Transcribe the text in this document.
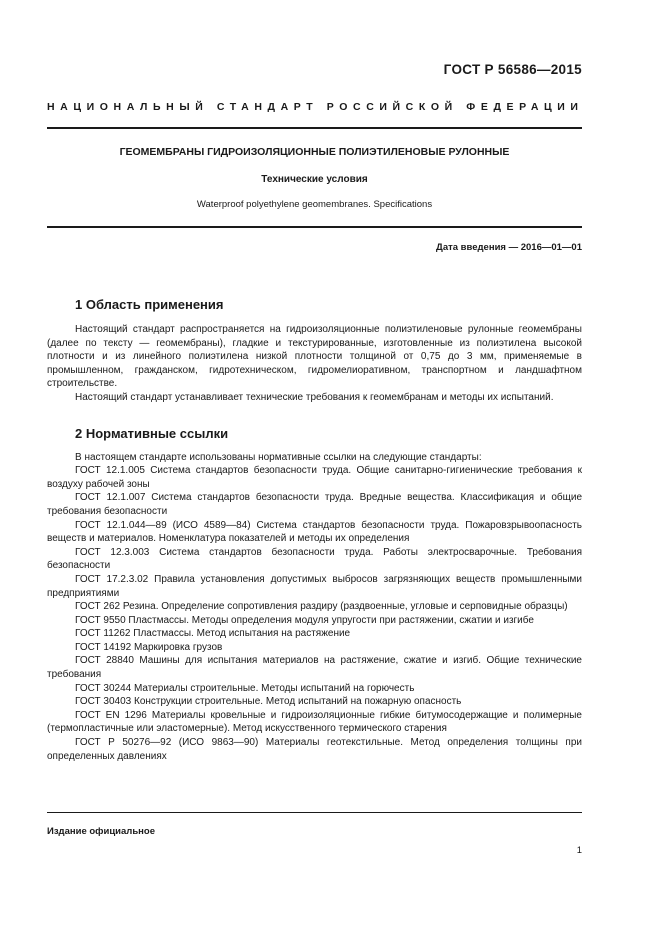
ГОСТ Р 56586—2015
НАЦИОНАЛЬНЫЙ СТАНДАРТ РОССИЙСКОЙ ФЕДЕРАЦИИ
ГЕОМЕМБРАНЫ ГИДРОИЗОЛЯЦИОННЫЕ ПОЛИЭТИЛЕНОВЫЕ РУЛОННЫЕ
Технические условия
Waterproof polyethylene geomembranes. Specifications
Дата введения — 2016—01—01
1 Область применения

Настоящий стандарт распространяется на гидроизоляционные полиэтиленовые рулонные геомембраны (далее по тексту — геомембраны), гладкие и текстурированные, изготовленные из полиэтилена высокой плотности и из линейного полиэтилена низкой плотности толщиной от 0,75 до 3 мм, применяемые в промышленном, гражданском, гидротехническом, гидромелиоративном, транспортном и ландшафтном строительстве.

Настоящий стандарт устанавливает технические требования к геомембранам и методы их испытаний.

2 Нормативные ссылки

В настоящем стандарте использованы нормативные ссылки на следующие стандарты:

ГОСТ 12.1.005 Система стандартов безопасности труда. Общие санитарно-гигиенические требования к воздуху рабочей зоны

ГОСТ 12.1.007 Система стандартов безопасности труда. Вредные вещества. Классификация и общие требования безопасности

ГОСТ 12.1.044—89 (ИСО 4589—84) Система стандартов безопасности труда. Пожаровзрывоопасность веществ и материалов. Номенклатура показателей и методы их определения

ГОСТ 12.3.003 Система стандартов безопасности труда. Работы электросварочные. Требования безопасности

ГОСТ 17.2.3.02 Правила установления допустимых выбросов загрязняющих веществ промышленными предприятиями

ГОСТ 262 Резина. Определение сопротивления раздиру (раздвоенные, угловые и серповидные образцы)

ГОСТ 9550 Пластмассы. Методы определения модуля упругости при растяжении, сжатии и изгибе

ГОСТ 11262 Пластмассы. Метод испытания на растяжение

ГОСТ 14192 Маркировка грузов

ГОСТ 28840 Машины для испытания материалов на растяжение, сжатие и изгиб. Общие технические требования

ГОСТ 30244 Материалы строительные. Методы испытаний на горючесть

ГОСТ 30403 Конструкции строительные. Метод испытаний на пожарную опасность

ГОСТ EN 1296 Материалы кровельные и гидроизоляционные гибкие битумосодержащие и полимерные (термопластичные или эластомерные). Метод искусственного термического старения

ГОСТ Р 50276—92 (ИСО 9863—90) Материалы геотекстильные. Метод определения толщины при определенных давлениях

Издание официальное
1
